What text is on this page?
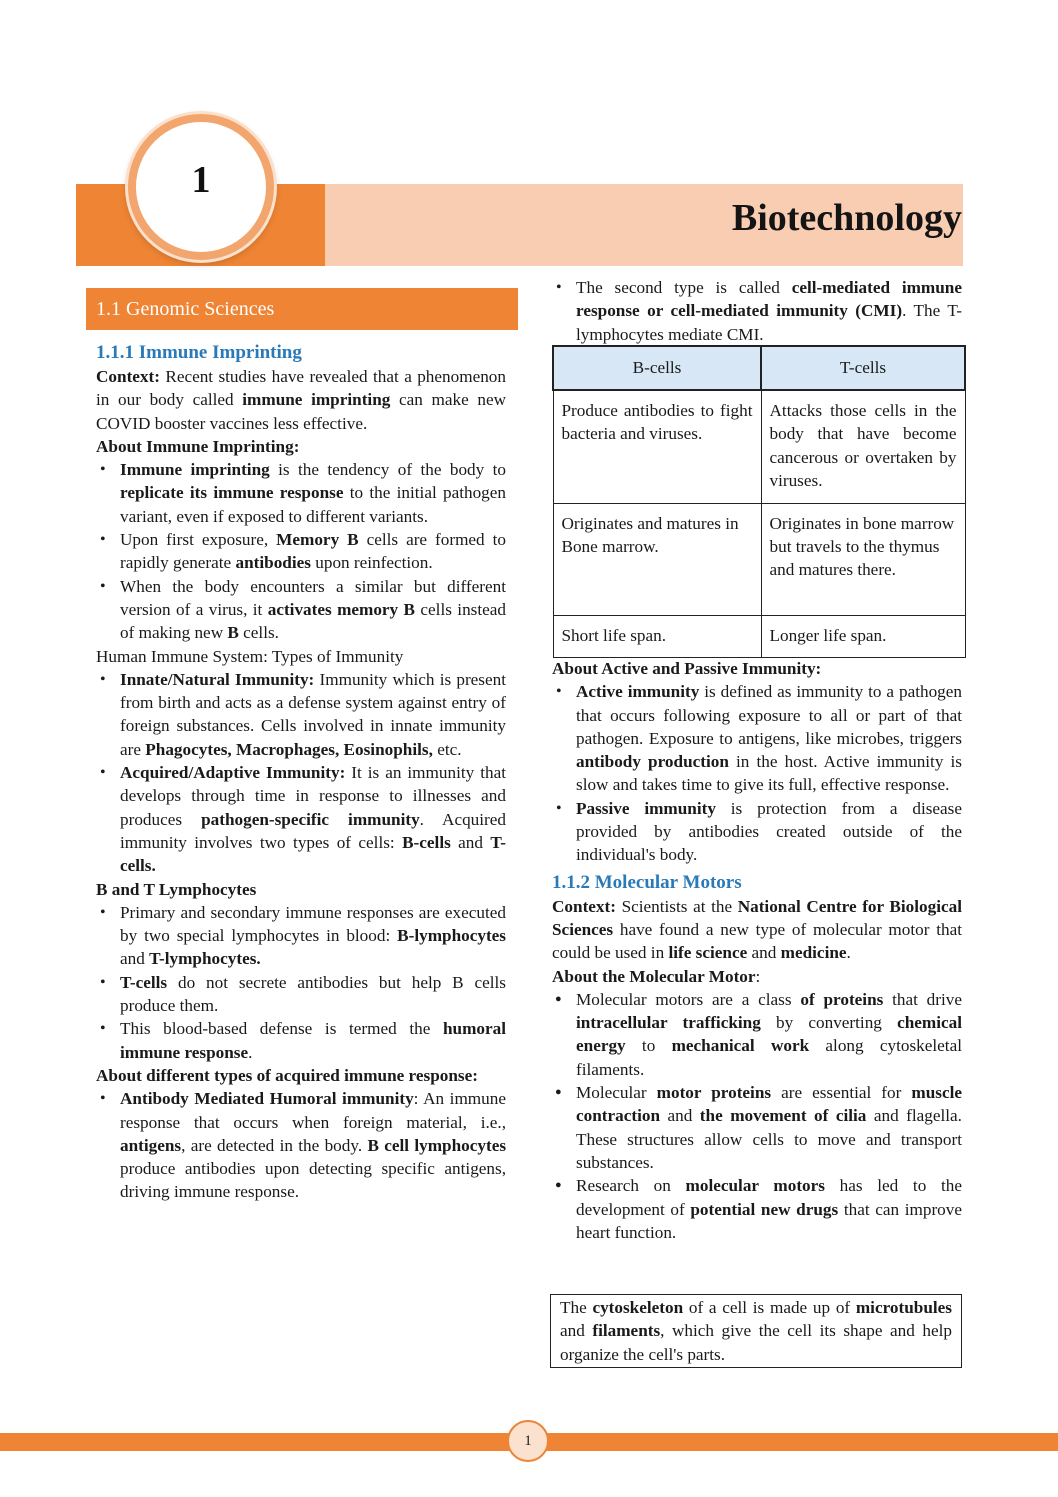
1
Biotechnology
1.1 Genomic Sciences
1.1.1 Immune Imprinting

Context: Recent studies have revealed that a phenomenon in our body called immune imprinting can make new COVID booster vaccines less effective.

About Immune Imprinting:
• Immune imprinting is the tendency of the body to replicate its immune response to the initial pathogen variant, even if exposed to different variants.
• Upon first exposure, Memory B cells are formed to rapidly generate antibodies upon reinfection.
• When the body encounters a similar but different version of a virus, it activates memory B cells instead of making new B cells.
Human Immune System: Types of Immunity
• Innate/Natural Immunity: Immunity which is present from birth and acts as a defense system against entry of foreign substances. Cells involved in innate immunity are Phagocytes, Macrophages, Eosinophils, etc.
• Acquired/Adaptive Immunity: It is an immunity that develops through time in response to illnesses and produces pathogen-specific immunity. Acquired immunity involves two types of cells: B-cells and T-cells.
B and T Lymphocytes
• Primary and secondary immune responses are executed by two special lymphocytes in blood: B-lymphocytes and T-lymphocytes.
• T-cells do not secrete antibodies but help B cells produce them.
• This blood-based defense is termed the humoral immune response.
About different types of acquired immune response:
• Antibody Mediated Humoral immunity: An immune response that occurs when foreign material, i.e., antigens, are detected in the body. B cell lymphocytes produce antibodies upon detecting specific antigens, driving immune response.
• The second type is called cell-mediated immune response or cell-mediated immunity (CMI). The T-lymphocytes mediate CMI.
B-cells	T-cells
Produce antibodies to fight bacteria and viruses.	Attacks those cells in the body that have become cancerous or overtaken by viruses.
Originates and matures in Bone marrow.	Originates in bone marrow but travels to the thymus and matures there.
Short life span.	Longer life span.
About Active and Passive Immunity:
• Active immunity is defined as immunity to a pathogen that occurs following exposure to all or part of that pathogen. Exposure to antigens, like microbes, triggers antibody production in the host. Active immunity is slow and takes time to give its full, effective response.
• Passive immunity is protection from a disease provided by antibodies created outside of the individual's body.
1.1.2 Molecular Motors

Context: Scientists at the National Centre for Biological Sciences have found a new type of molecular motor that could be used in life science and medicine.

About the Molecular Motor:
● Molecular motors are a class of proteins that drive intracellular trafficking by converting chemical energy to mechanical work along cytoskeletal filaments.
● Molecular motor proteins are essential for muscle contraction and the movement of cilia and flagella. These structures allow cells to move and transport substances.
● Research on molecular motors has led to the development of potential new drugs that can improve heart function.
The cytoskeleton of a cell is made up of microtubules and filaments, which give the cell its shape and help organize the cell's parts.
1
